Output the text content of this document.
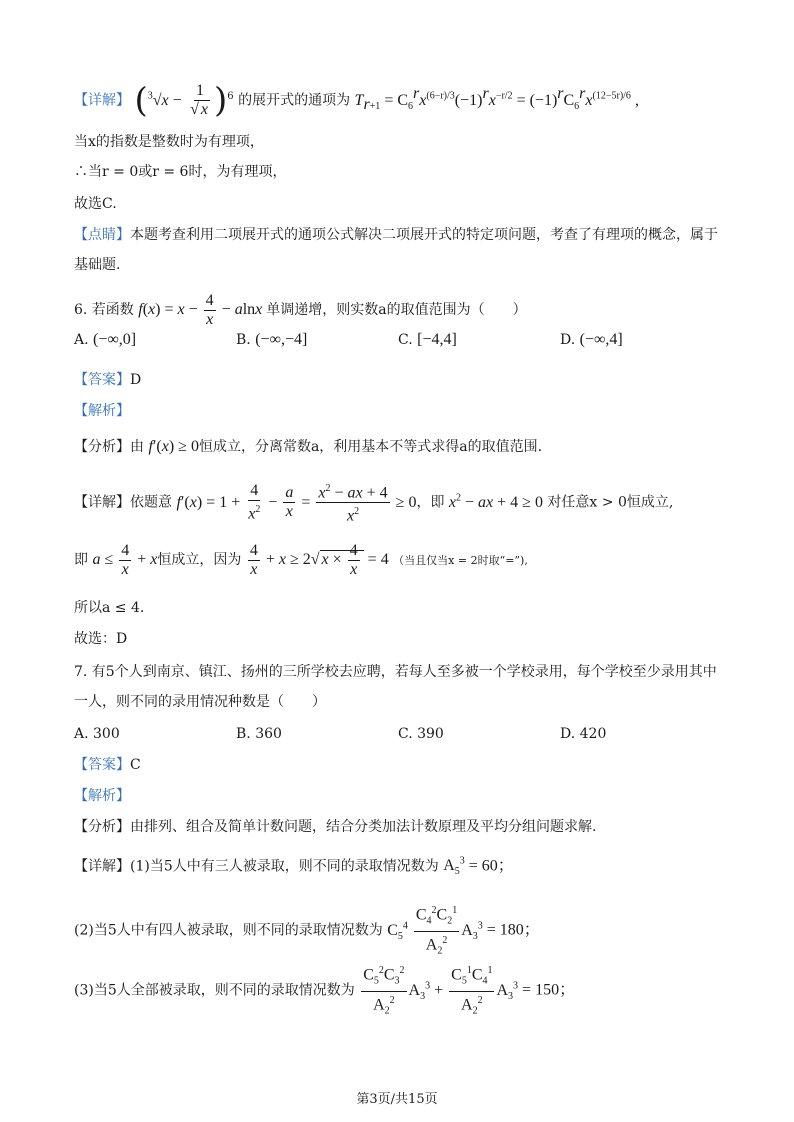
【详解】 $(^3√x - \frac{1}{√ x} )^6$ 的展开式的通项为 $T_{r+1} = C_6^rx^{(6-r)/3}(-1)^rx^{-r/2} = (-1)^rC_6^rx^{(12-5r)/6}$ ,
当x的指数是整数时为有理项，
∴当r = 0或r = 6时，为有理项，
故选C.
【点睛】本题考查利用二项展开式的通项公式解决二项展开式的特定项问题，考查了有理项的概念，属于
基础题.
6. 若函数 $f(x) = x - \frac{4}{x} - alnx$ 单调递增，则实数a的取值范围为（　　）
A. (−∞,0]	B. (−∞,−4]	C. [−4,4]	D. (−∞,4]
【答案】D
【解析】
【分析】由 f′(x) ≥ 0恒成立，分离常数a，利用基本不等式求得a的取值范围.
【详解】依题意 $f'(x) = 1 + \frac{4}{x^2} - \frac{a}{x} = \frac{x^2 - ax + 4}{x^2} \ge 0$，即 $x^2$ − ax + 4 ≥ 0 对任意x > 0恒成立,
即 $a \le \frac{4}{x} + x$恒成立，因为 $\frac{4}{x} + x \ge 2√$ $x \times \frac{4}{x} = 4$ （当且仅当x = 2时取“=”),
所以a ≤ 4.
故选：D
7. 有5个人到南京、镇江、扬州的三所学校去应聘，若每人至多被一个学校录用，每个学校至少录用其中
一人，则不同的录用情况种数是（　　）
A. 300	B. 360	C. 390	D. 420
【答案】C
【解析】
【分析】由排列、组合及简单计数问题，结合分类加法计数原理及平均分组问题求解.
【详解】(1)当5人中有三人被录取，则不同的录取情况数为 $A_5^3 = 60$；
(2)当5人中有四人被录取，则不同的录取情况数为 $C_5^4 \frac{C_4^2C_2^1}{A_2^2} A_3^3 = 180$；
(3)当5人全部被录取，则不同的录取情况数为 $\frac{C_5^2C_3^2}{A_2^2} A_3^3 + \frac{C_5^1C_4^1}{A_2^2} A_3^3 = 150$；
第3页/共15页
